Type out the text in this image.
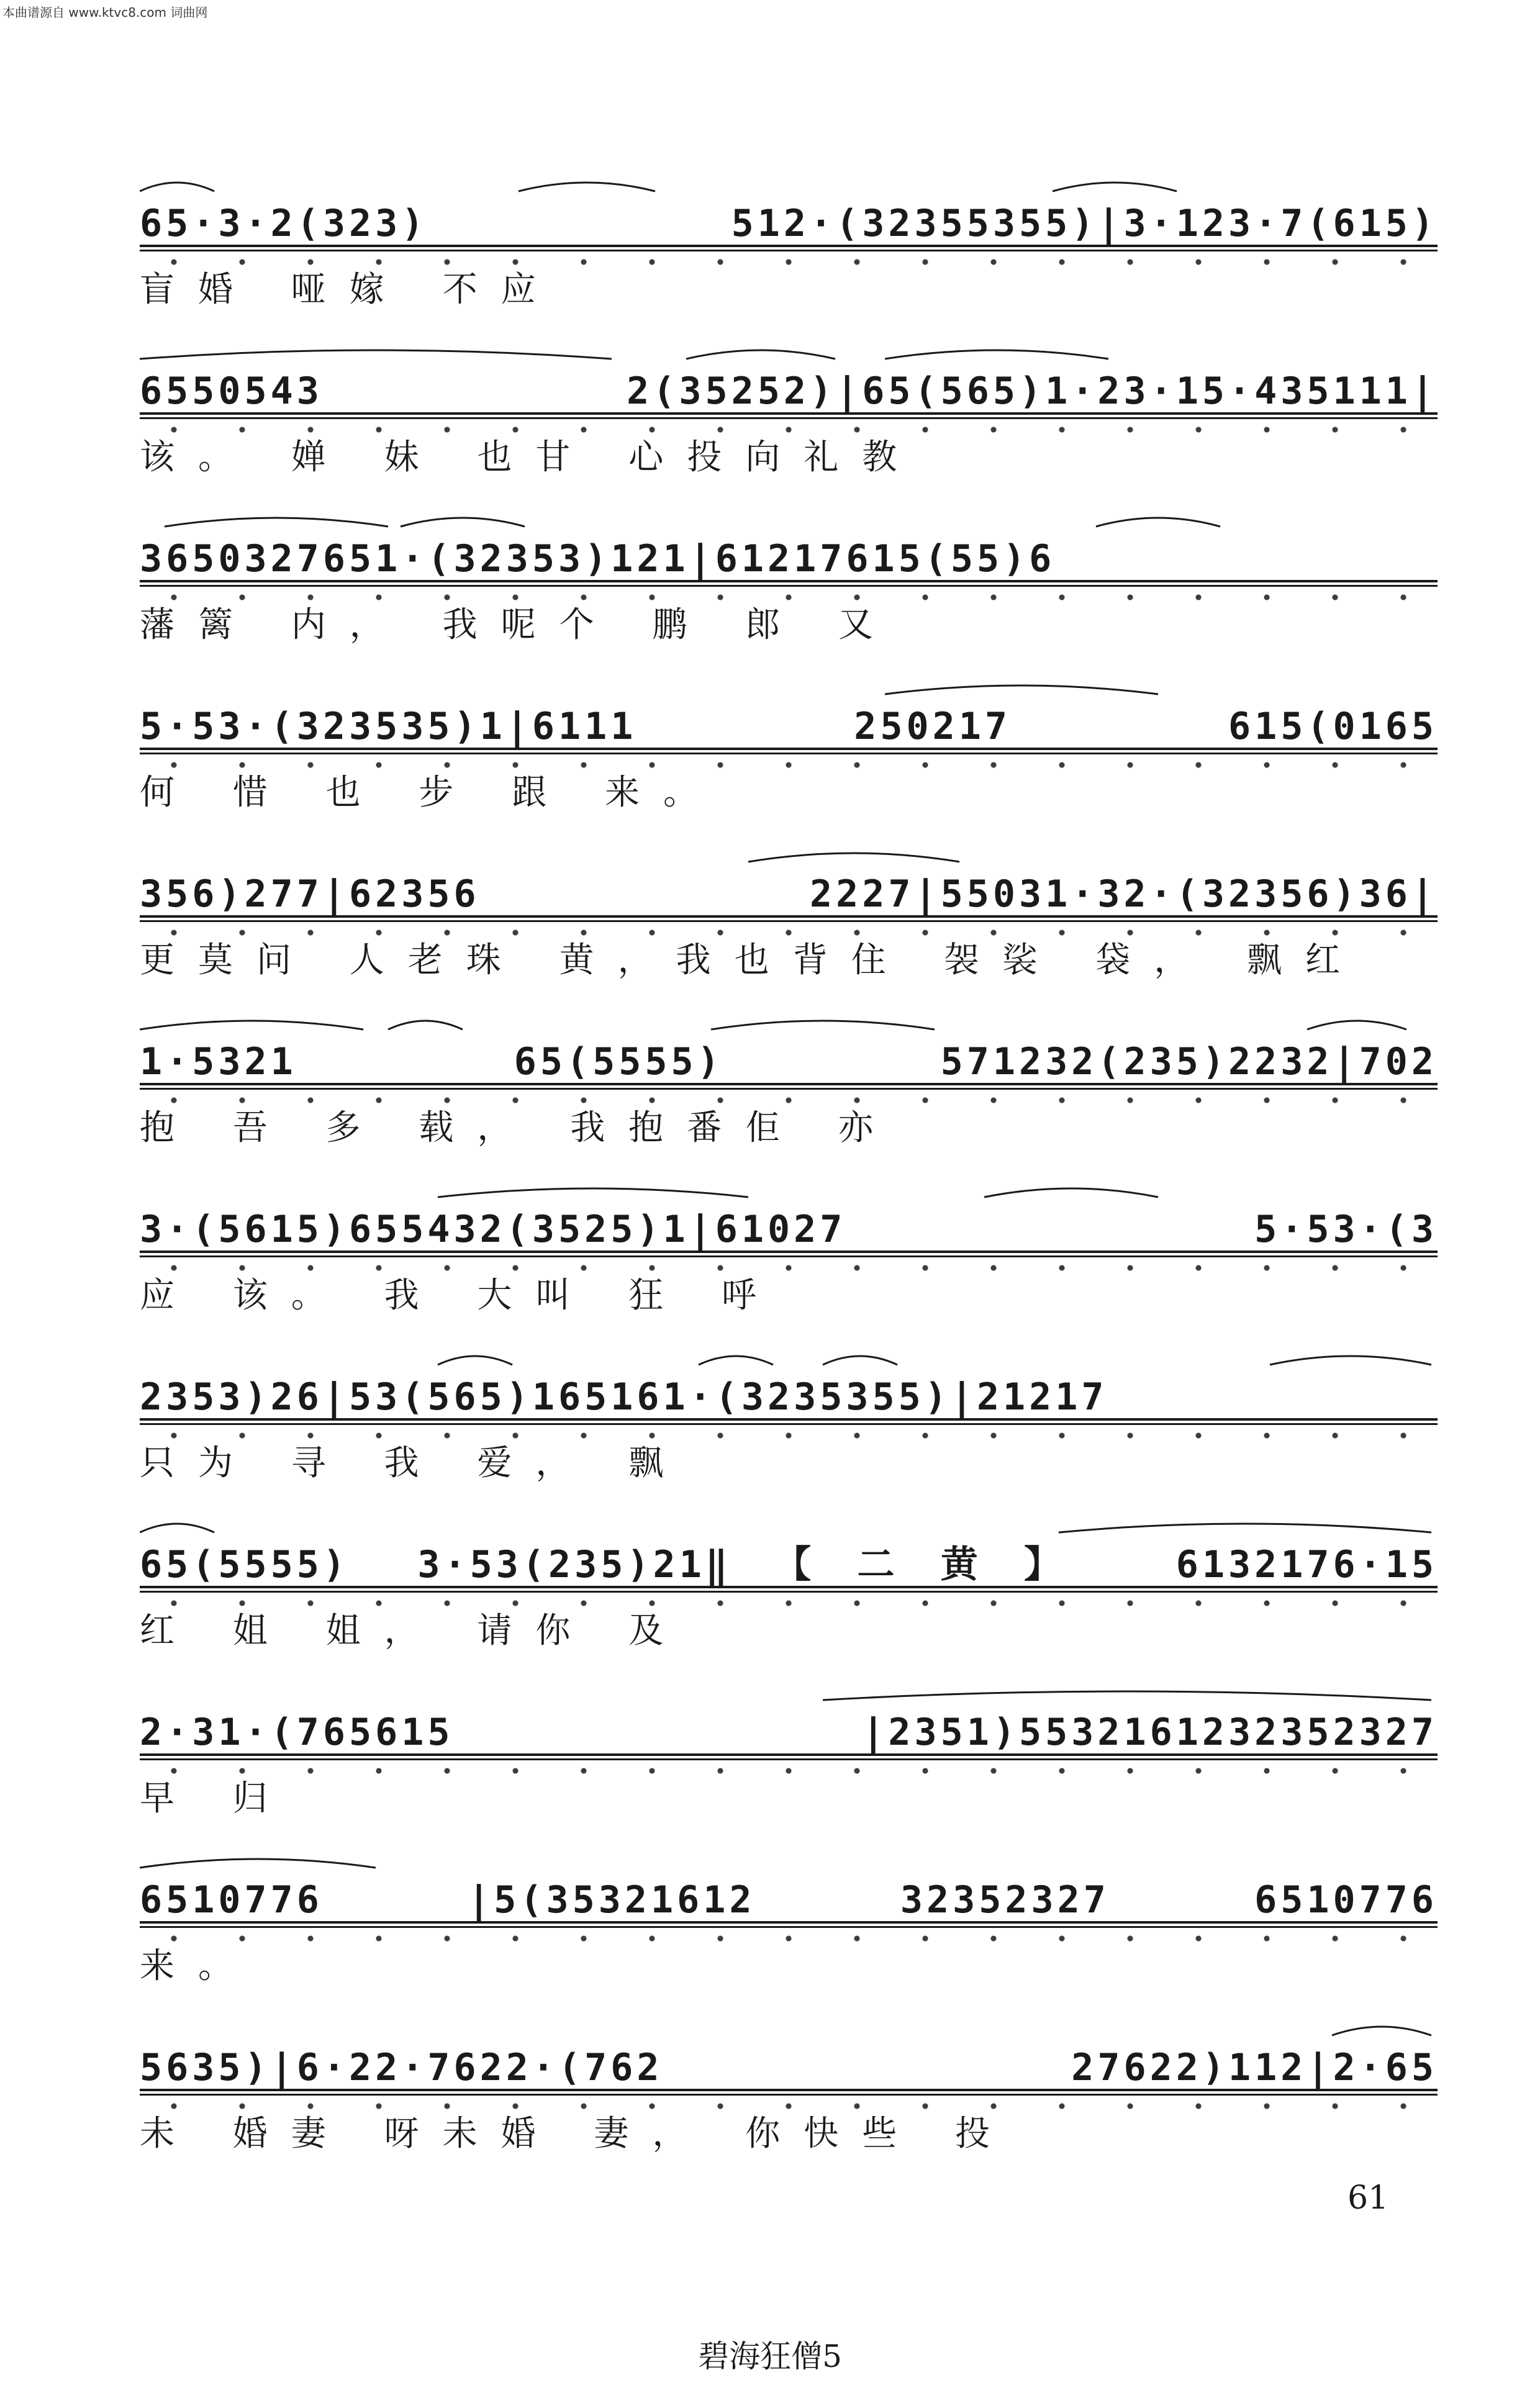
本曲谱源自 www.ktvc8.com 词曲网
65·3·2(323) 512·(32355355)|3·123·7(615)
盲婚 哑嫁 不应
6550543 2(35252)|65(565)1·23·15·435111|
该。 婵 妹 也甘 心投向礼教
3650327651·(32353)121|61217615(55)6
藩篱 内， 我呢个 鹏 郎 又
5·53·(323535)1|6111 250217 615(0165
何 惜 也 步 跟 来。
356)277|62356 2227|55031·32·(32356)36|
更莫问 人老珠 黄，我也背住 袈裟 袋， 飘红
1·5321 65(5555) 571232(235)2232|702
抱 吾 多 载， 我抱番佢 亦
3·(5615)655432(3525)1|61027 5·53·(3
应 该。 我 大叫 狂 呼
2353)26|53(565)165161·(3235355)|21217
只为 寻 我 爱， 飘
65(5555) 3·53(235)21‖【二黄】 6132176·15
红 姐 姐， 请你 及
2·31·(765615 |2351)5532161232352327
早 归
6510776 |5(35321612 32352327 6510776
来。
5635)|6·22·7622·(762 27622)112|2·65
未 婚妻 呀未婚 妻， 你快些 投
61
碧海狂僧5
